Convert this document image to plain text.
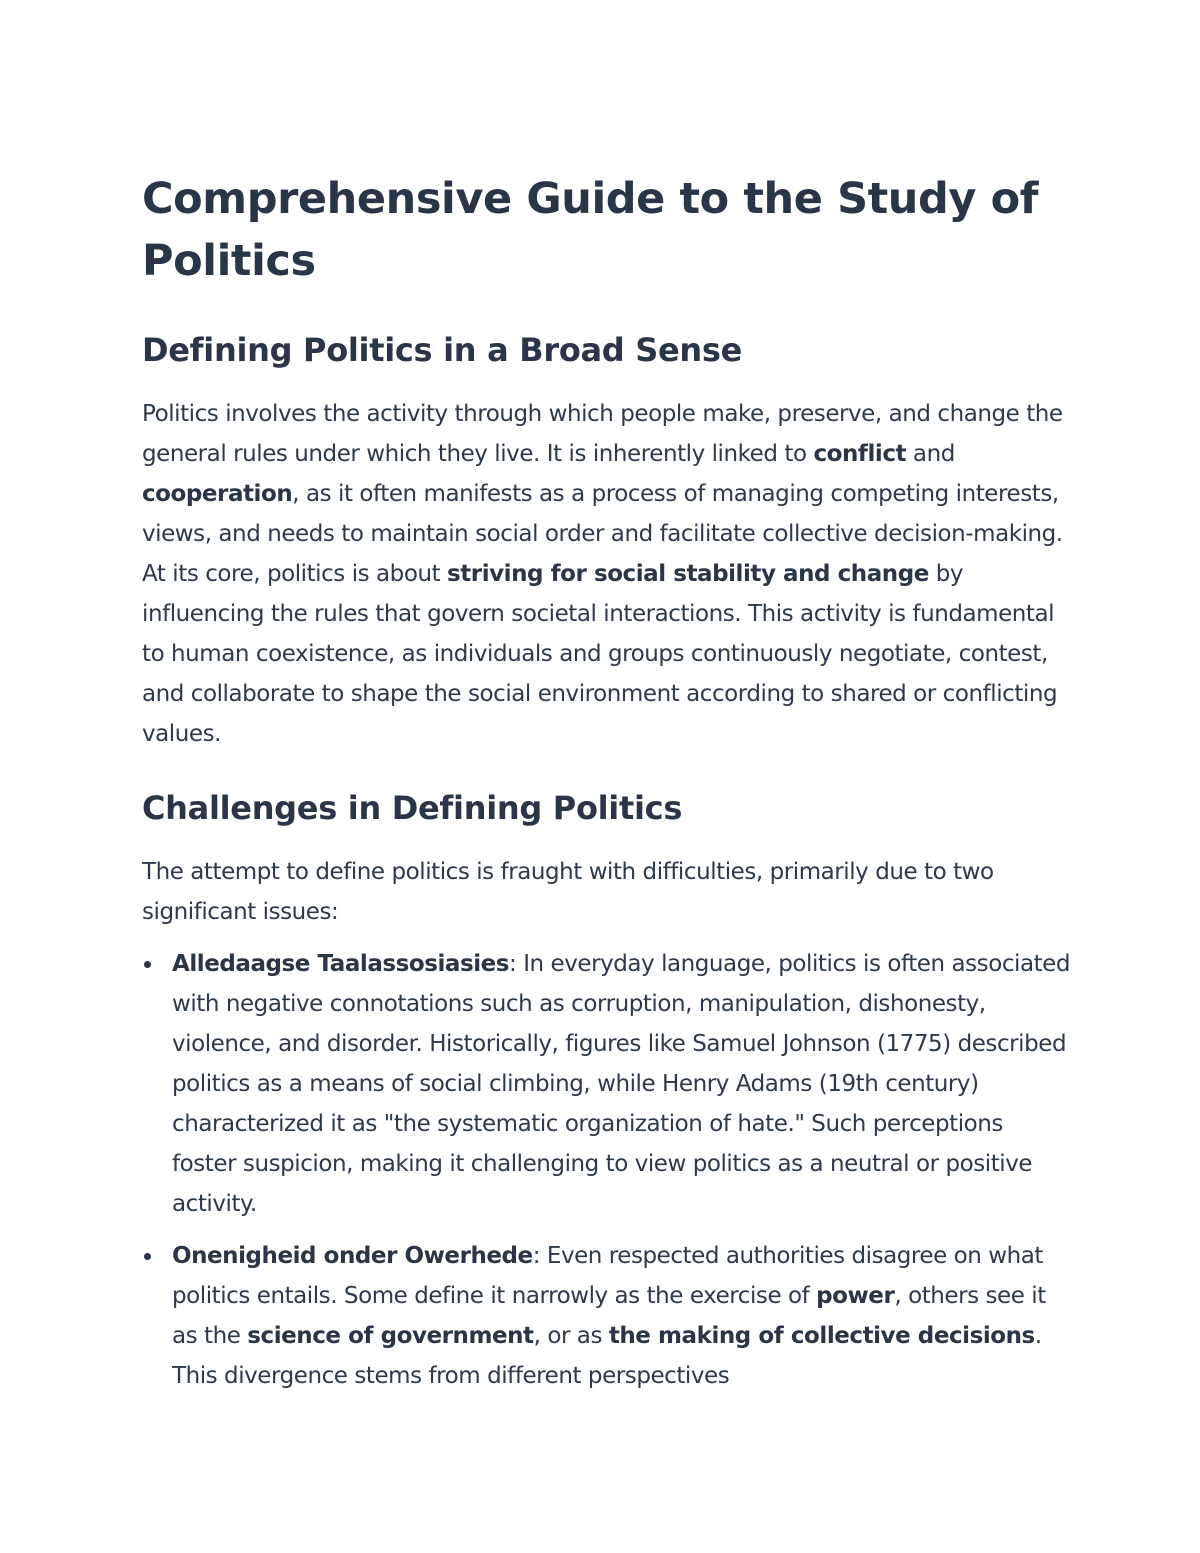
Comprehensive Guide to the Study of Politics
Defining Politics in a Broad Sense

Politics involves the activity through which people make, preserve, and change the general rules under which they live. It is inherently linked to conflict and cooperation, as it often manifests as a process of managing competing interests, views, and needs to maintain social order and facilitate collective decision-making. At its core, politics is about striving for social stability and change by influencing the rules that govern societal interactions. This activity is fundamental to human coexistence, as individuals and groups continuously negotiate, contest, and collaborate to shape the social environment according to shared or conflicting values.

Challenges in Defining Politics

The attempt to define politics is fraught with difficulties, primarily due to two significant issues:

Alledaagse Taalassosiasies: In everyday language, politics is often associated with negative connotations such as corruption, manipulation, dishonesty, violence, and disorder. Historically, figures like Samuel Johnson (1775) described politics as a means of social climbing, while Henry Adams (19th century) characterized it as "the systematic organization of hate." Such perceptions foster suspicion, making it challenging to view politics as a neutral or positive activity.
Onenigheid onder Owerhede: Even respected authorities disagree on what politics entails. Some define it narrowly as the exercise of power, others see it as the science of government, or as the making of collective decisions. This divergence stems from different perspectives
